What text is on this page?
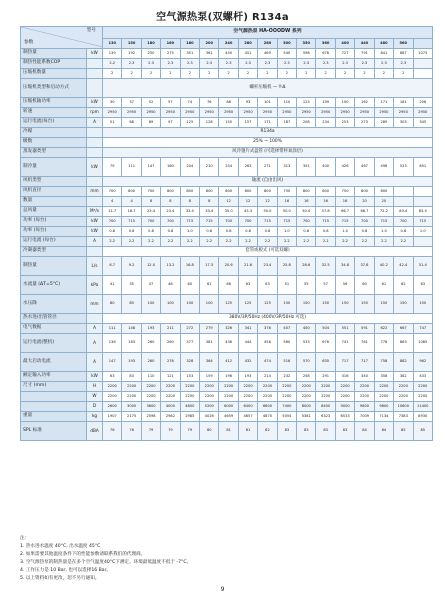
空气源热泵(双螺杆) R134a
型号
参数		空气源热泵 HA-OOODW 系列																
		130	150	180	160	180	200	240	280	280	300	350	360	400	440	480	560	
制热量	kW	139	192	250	275	351	361	450	451	469	540	598	678	727	791	841	887	1073
制热性能系数COP		2.2	2.3	2.3	2.3	2.3	2.3	2.3	2.3	2.3	2.3	2.3	2.3	2.3	2.3	2.3	2.3	
压缩机数量		2	2	2	2	2	2	2	2	2	2	2	2	2	2	2	2	
压缩机类型和启动方式		螺杆压缩机 — Y-Δ																
压缩机轴功率	kW	30	37	52	57	74	76	88	93	101	110	123	139	150	162	171	181	206
转速	rpm	2950	2950	2950	2950	2950	2950	2950	2950	2950	2950	2950	2950	2950	2950	2950	2950	2950
运行电流(每台)	A	51	68	89	97	125	128	150	157	171	187	208	234	253	273	289	303	345
冷媒		R134a																
级数		25% ~ 100%																
蒸发器类型		风冷翅片式盘管 (可选择带杯氧涂层)																
制冷量	kW	79	111	147	160	204	210	254	263	271	313	351	400	426	467	498	523	651
风机类型		轴流 (自由出风)																
风机直径	mm	700	800	700	800	800	800	800	800	800	750	800	800	750	800	800		
数量		4	4	8	8	8	8	12	12	12	16	16	16	16	20	20		
总风量	M³/s	11.7	16.7	23.4	23.4	33.4	33.4	35.0	45.3	50.0	50.0	50.0	57.8	66.7	66.7	72.2	83.4	83.4
功率 (每台)	kW	700	715	700	700	715	715	700	700	715	715	700	715	715	700	715	700	715
功率 (每台)	kW	0.8	0.8	0.8	0.8	1.0	0.8	0.8	0.8	0.8	1.0	0.8	0.8	1.0	0.8	1.0	0.8	1.0
运行电流 (每台)	A	2.2	2.2	2.2	2.2	2.2	2.2	2.2	2.2	2.2	2.2	2.2	2.2	2.2	2.2	2.2	2.2	
冷凝器类型		套管或板式 (可选双螺)																
制热量	L/s	6.7	9.2	12.0	13.2	16.8	17.3	20.6	21.6	23.4	25.8	28.6	32.5	34.8	37.8	40.2	42.4	51.4
水流量 (ΔT=5°C)	kPa	41	35	47	48	60	61	68	63	63	51	55	57	56	60	61	62	63
水压降	mm	80	80	100	100	100	100	125	125	125	150	150	150	150	150	150	150	150
热水进/出管管径		380V/3P/50Hz (400V/3P/50Hz 可选)																
电气数据	A	111	148	193	211	272	279	326	341	376	407	450	504	551	591	622	667	747
运行电流(整机)	A	136	183	260	260	377	381	436	444	456	560	533	676	741	761	776	863	1065
最大启动电流	A	147	193	260	276	328	364	412	432	474	516	570	635	717	717	758	882	962
额定输入功率	kW	63	83	110	121	153	159	196	193	214	232	258	291	316	340	358	382	433
尺寸 (mm)	H	2200	2200	2200	2200	2200	2200	2200	2200	2200	2200	2200	2200	2200	2200	2200	2200	2200
	W	2200	2200	2200	2200	2200	2200	2200	2200	2200	2200	2200	2200	2200	2200	2200	2200	2200
	D	2600	3000	3600	4000	4800	5200	6000	6400	6800	7400	8000	8400	9000	9800	9800	10600	11400
重量	kg	1907	2175	2598	2982	2985	4026	4659	4657	4870	5054	5381	6323	6533	7009	7134	7383	8930
SPL 标准	dBA	76	76	79	79	79	80	81	81	82	83	83	83	83	84	84	85	85
注：
1. 热水进水温度 40°C, 出水温度 45°C
2. 如果需要其他温度条件下的性能参数请联系我们的代理商。
3. 空气源热泵的制热量是在多个空气温度40°C下测定。环境最低温度不低于 -7°C。
4. 工作压力是 10 Bar, 也可以选择16 Bar。
5. 以上资料如有更改，恕不另行通知。
9
